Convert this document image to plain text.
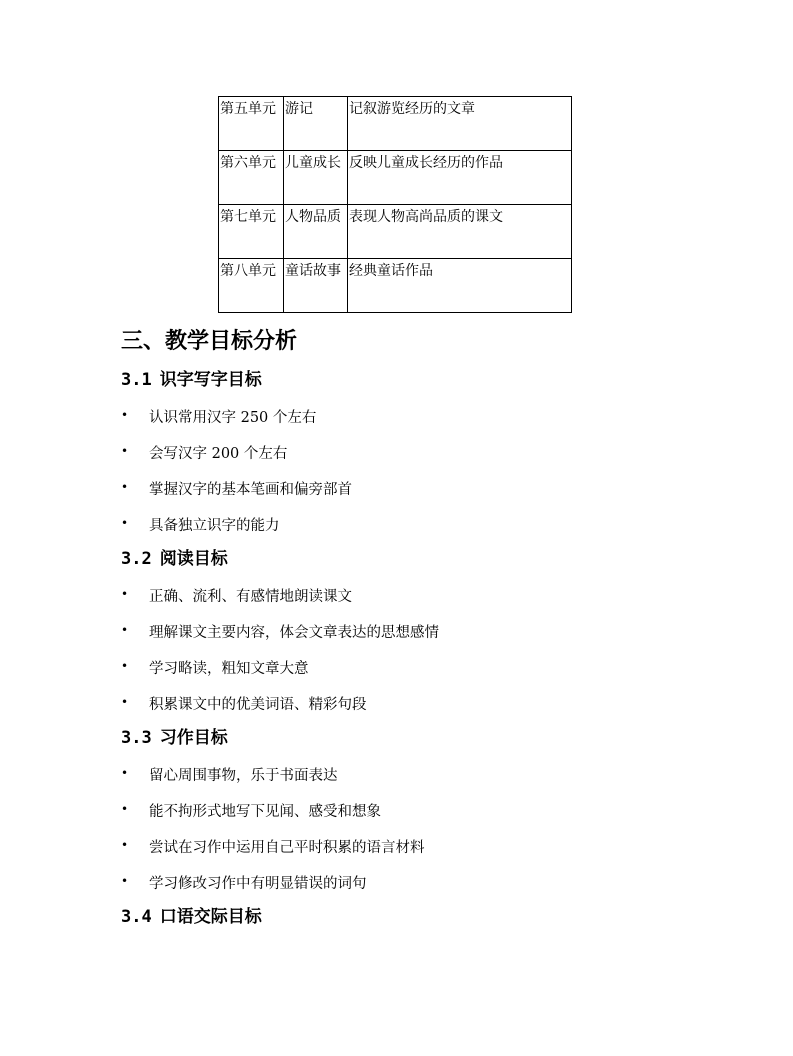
第五单元	游记	记叙游览经历的文章

第六单元	儿童成长	反映儿童成长经历的作品

第七单元	人物品质	表现人物高尚品质的课文

第八单元	童话故事	经典童话作品
三、教学目标分析
3.1 识字写字目标
• 认识常用汉字 250 个左右
• 会写汉字 200 个左右
• 掌握汉字的基本笔画和偏旁部首
• 具备独立识字的能力
3.2 阅读目标
• 正确、流利、有感情地朗读课文
• 理解课文主要内容，体会文章表达的思想感情
• 学习略读，粗知文章大意
• 积累课文中的优美词语、精彩句段
3.3 习作目标
• 留心周围事物，乐于书面表达
• 能不拘形式地写下见闻、感受和想象
• 尝试在习作中运用自己平时积累的语言材料
• 学习修改习作中有明显错误的词句
3.4 口语交际目标
